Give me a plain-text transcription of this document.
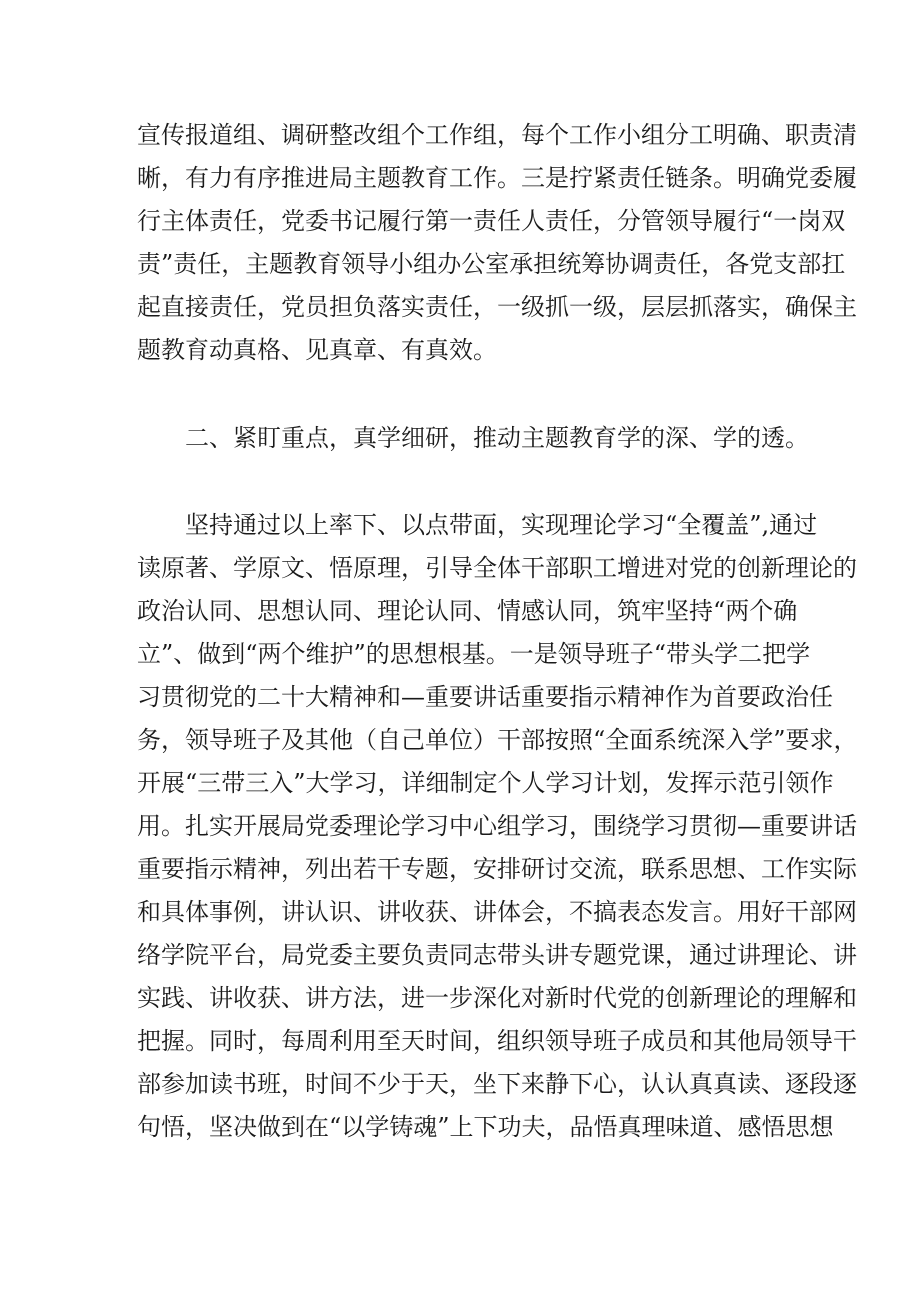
宣传报道组、调研整改组个工作组，每个工作小组分工明确、职责清
晰，有力有序推进局主题教育工作。三是拧紧责任链条。明确党委履
行主体责任，党委书记履行第一责任人责任，分管领导履行“一岗双
责”责任，主题教育领导小组办公室承担统筹协调责任，各党支部扛
起直接责任，党员担负落实责任，一级抓一级，层层抓落实，确保主
题教育动真格、见真章、有真效。
二、紧盯重点，真学细研，推动主题教育学的深、学的透。
坚持通过以上率下、以点带面，实现理论学习“全覆盖”,通过
读原著、学原文、悟原理，引导全体干部职工增进对党的创新理论的
政治认同、思想认同、理论认同、情感认同，筑牢坚持“两个确
立”、做到“两个维护”的思想根基。一是领导班子“带头学二把学
习贯彻党的二十大精神和—重要讲话重要指示精神作为首要政治任
务，领导班子及其他（自己单位）干部按照“全面系统深入学”要求，
开展“三带三入”大学习，详细制定个人学习计划，发挥示范引领作
用。扎实开展局党委理论学习中心组学习，围绕学习贯彻—重要讲话
重要指示精神，列出若干专题，安排研讨交流，联系思想、工作实际
和具体事例，讲认识、讲收获、讲体会，不搞表态发言。用好干部网
络学院平台，局党委主要负责同志带头讲专题党课，通过讲理论、讲
实践、讲收获、讲方法，进一步深化对新时代党的创新理论的理解和
把握。同时，每周利用至天时间，组织领导班子成员和其他局领导干
部参加读书班，时间不少于天，坐下来静下心，认认真真读、逐段逐
句悟，坚决做到在“以学铸魂”上下功夫，品悟真理味道、感悟思想
